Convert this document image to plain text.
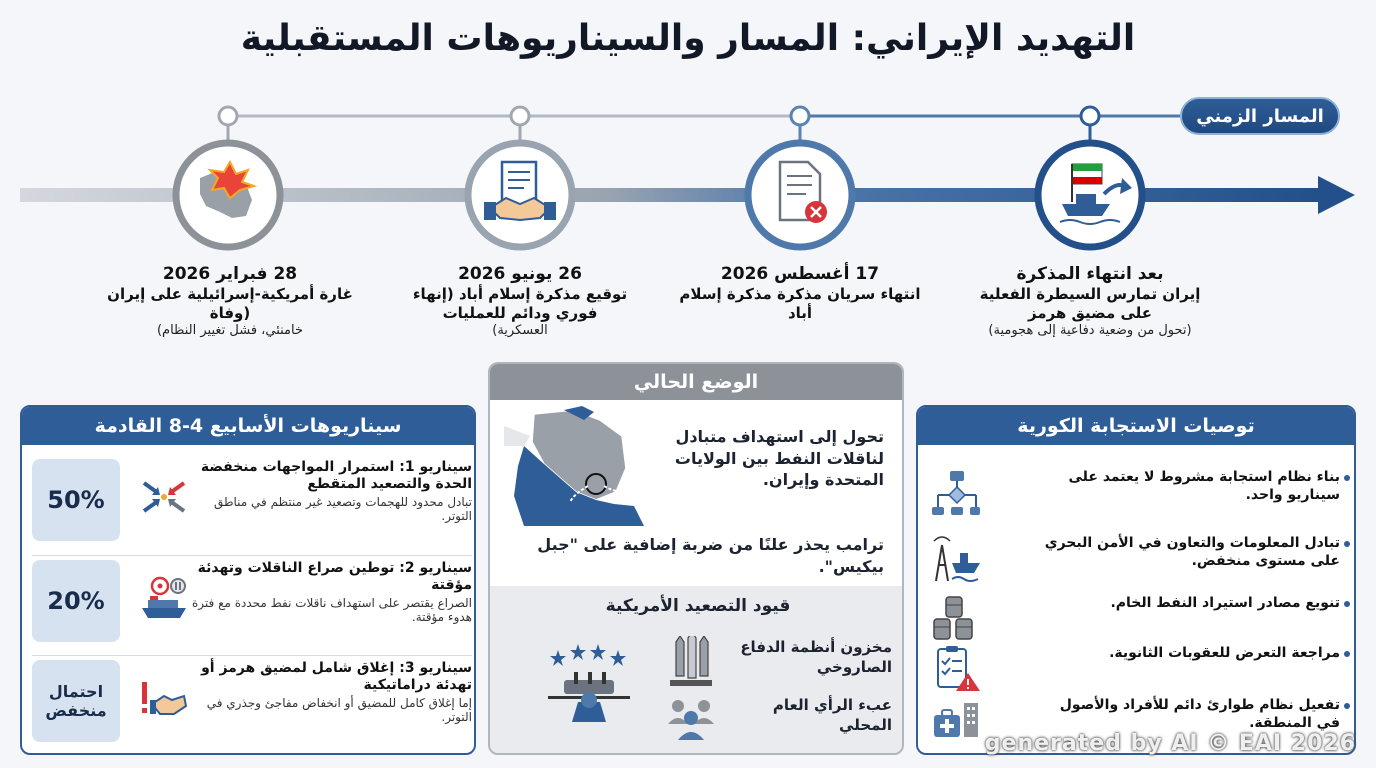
التهديد الإيراني: المسار والسيناريوهات المستقبلية
المسار الزمني
بعد انتهاء المذكرة
إيران تمارس السيطرة الفعلية على مضيق هرمز
(تحول من وضعية دفاعية إلى هجومية)
17 أغسطس 2026
انتهاء سريان مذكرة مذكرة إسلام أباد
26 يونيو 2026
توقيع مذكرة إسلام أباد (إنهاء فوري ودائم للعمليات
العسكرية)
28 فبراير 2026
غارة أمريكية-إسرائيلية على إيران (وفاة
خامنئي، فشل تغيير النظام)
سيناريوهات الأسابيع 4-8 القادمة
50%
سيناريو 1: استمرار المواجهات منخفضة الحدة والتصعيد المتقطع
تبادل محدود للهجمات وتصعيد غير منتظم في مناطق التوتر.
20%
سيناريو 2: توطين صراع الناقلات وتهدئة مؤقتة
الصراع يقتصر على استهداف ناقلات نفط محددة مع فترة هدوء مؤقتة.
احتمال منخفض
سيناريو 3: إغلاق شامل لمضيق هرمز أو تهدئة دراماتيكية
إما إغلاق كامل للمضيق أو انخفاض مفاجئ وجذري في التوتر.
الوضع الحالي
تحول إلى استهداف متبادل لناقلات النفط بين الولايات المتحدة وإيران.
ترامب يحذر علنًا من ضربة إضافية على "جبل بيكيس".
قيود التصعيد الأمريكية
مخزون أنظمة الدفاع الصاروخي
عبء الرأي العام المحلي
توصيات الاستجابة الكورية
بناء نظام استجابة مشروط لا يعتمد على سيناريو واحد.
تبادل المعلومات والتعاون في الأمن البحري على مستوى منخفض.
تنويع مصادر استيراد النفط الخام.
مراجعة التعرض للعقوبات الثانوية.
تفعيل نظام طوارئ دائم للأفراد والأصول في المنطقة.
generated by AI © EAI 2026
